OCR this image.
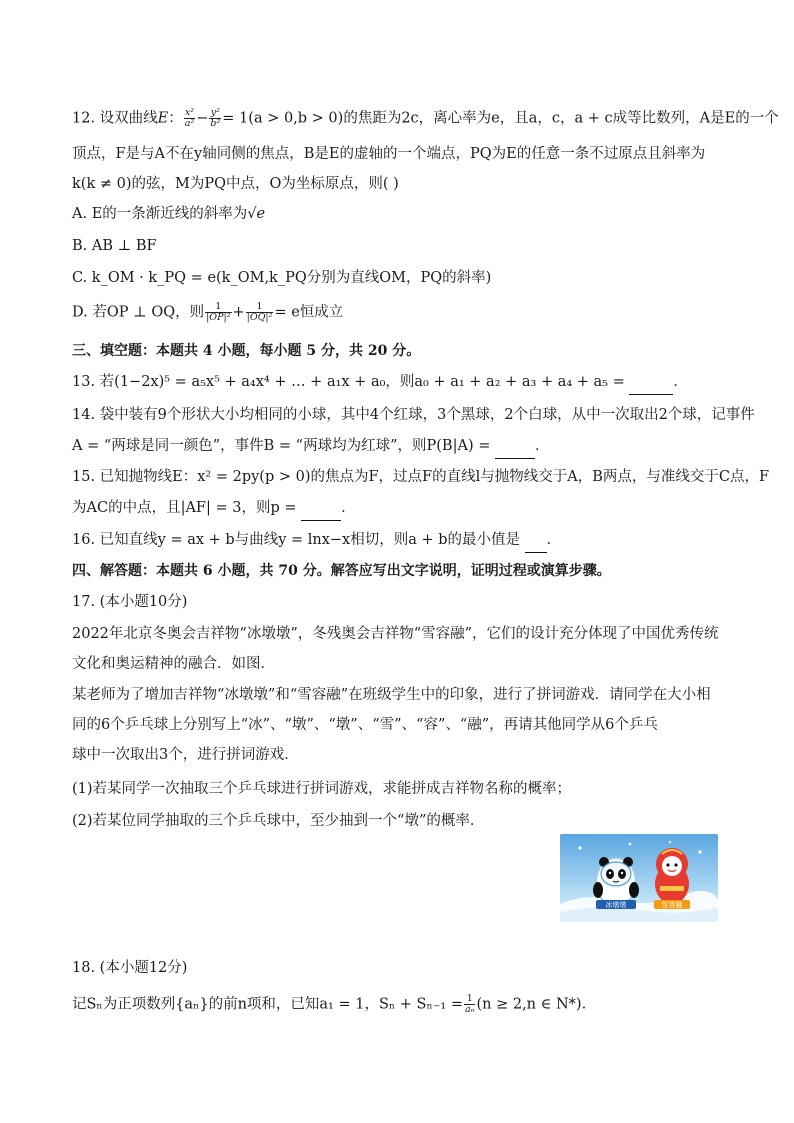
12. 设双曲线E： $\frac{\text{x²}}{\text{a²}} - \frac{\text{y²}}{\text{b²}} = 1(a > 0,b > 0)$的焦距为2c，离心率为e，且a，c，a + c成等比数列，A是E的一个
顶点，F是与A不在y轴同侧的焦点，B是E的虚轴的一个端点，PQ为E的任意一条不过原点且斜率为
k(k ≠ 0)的弦，M为PQ中点，O为坐标原点，则( )
A. E的一条渐近线的斜率为√e
B. AB ⊥ BF
C. k_OM · k_PQ = e(k_OM,k_PQ分别为直线OM，PQ的斜率)
D. 若OP ⊥ OQ，则 $\frac{1}{\text{|OP|²}} + \frac{1}{\text{|OQ|²}} = e$恒成立
三、填空题：本题共 4 小题，每小题 5 分，共 20 分。
13. 若(1−2x)⁵ = a₅x⁵ + a₄x⁴ + … + a₁x + a₀，则a₀ + a₁ + a₂ + a₃ + a₄ + a₅ =	．
14. 袋中装有9个形状大小均相同的小球，其中4个红球，3个黑球，2个白球，从中一次取出2个球，记事件
A = “两球是同一颜色”，事件B = “两球均为红球”，则P(B|A) =	．
15. 已知抛物线E：x² = 2py(p > 0)的焦点为F，过点F的直线l与抛物线交于A，B两点，与准线交于C点，F
为AC的中点，且|AF| = 3，则p =	．
16. 已知直线y = ax + b与曲线y = lnx−x相切，则a + b的最小值是 ．
四、解答题：本题共 6 小题，共 70 分。解答应写出文字说明，证明过程或演算步骤。
17. (本小题10分)
2022年北京冬奥会吉祥物“冰墩墩”，冬残奥会吉祥物“雪容融”，它们的设计充分体现了中国优秀传统
文化和奥运精神的融合．如图．
某老师为了增加吉祥物“冰墩墩”和“雪容融”在班级学生中的印象，进行了拼词游戏．请同学在大小相
同的6个乒乓球上分别写上“冰”、“墩”、“墩”、“雪”、“容”、“融”，再请其他同学从6个乒乓
球中一次取出3个，进行拼词游戏．
(1)若某同学一次抽取三个乒乓球进行拼词游戏，求能拼成吉祥物名称的概率；
(2)若某位同学抽取的三个乒乓球中，至少抽到一个“墩”的概率．
18. (本小题12分)
记Sₙ为正项数列{aₙ}的前n项和，已知a₁ = 1，$S_n + S_{n-1} = \frac{1}{\text{aₙ}} (n \ge 2,n$ ∈ N*).
冰墩墩	雪容融
